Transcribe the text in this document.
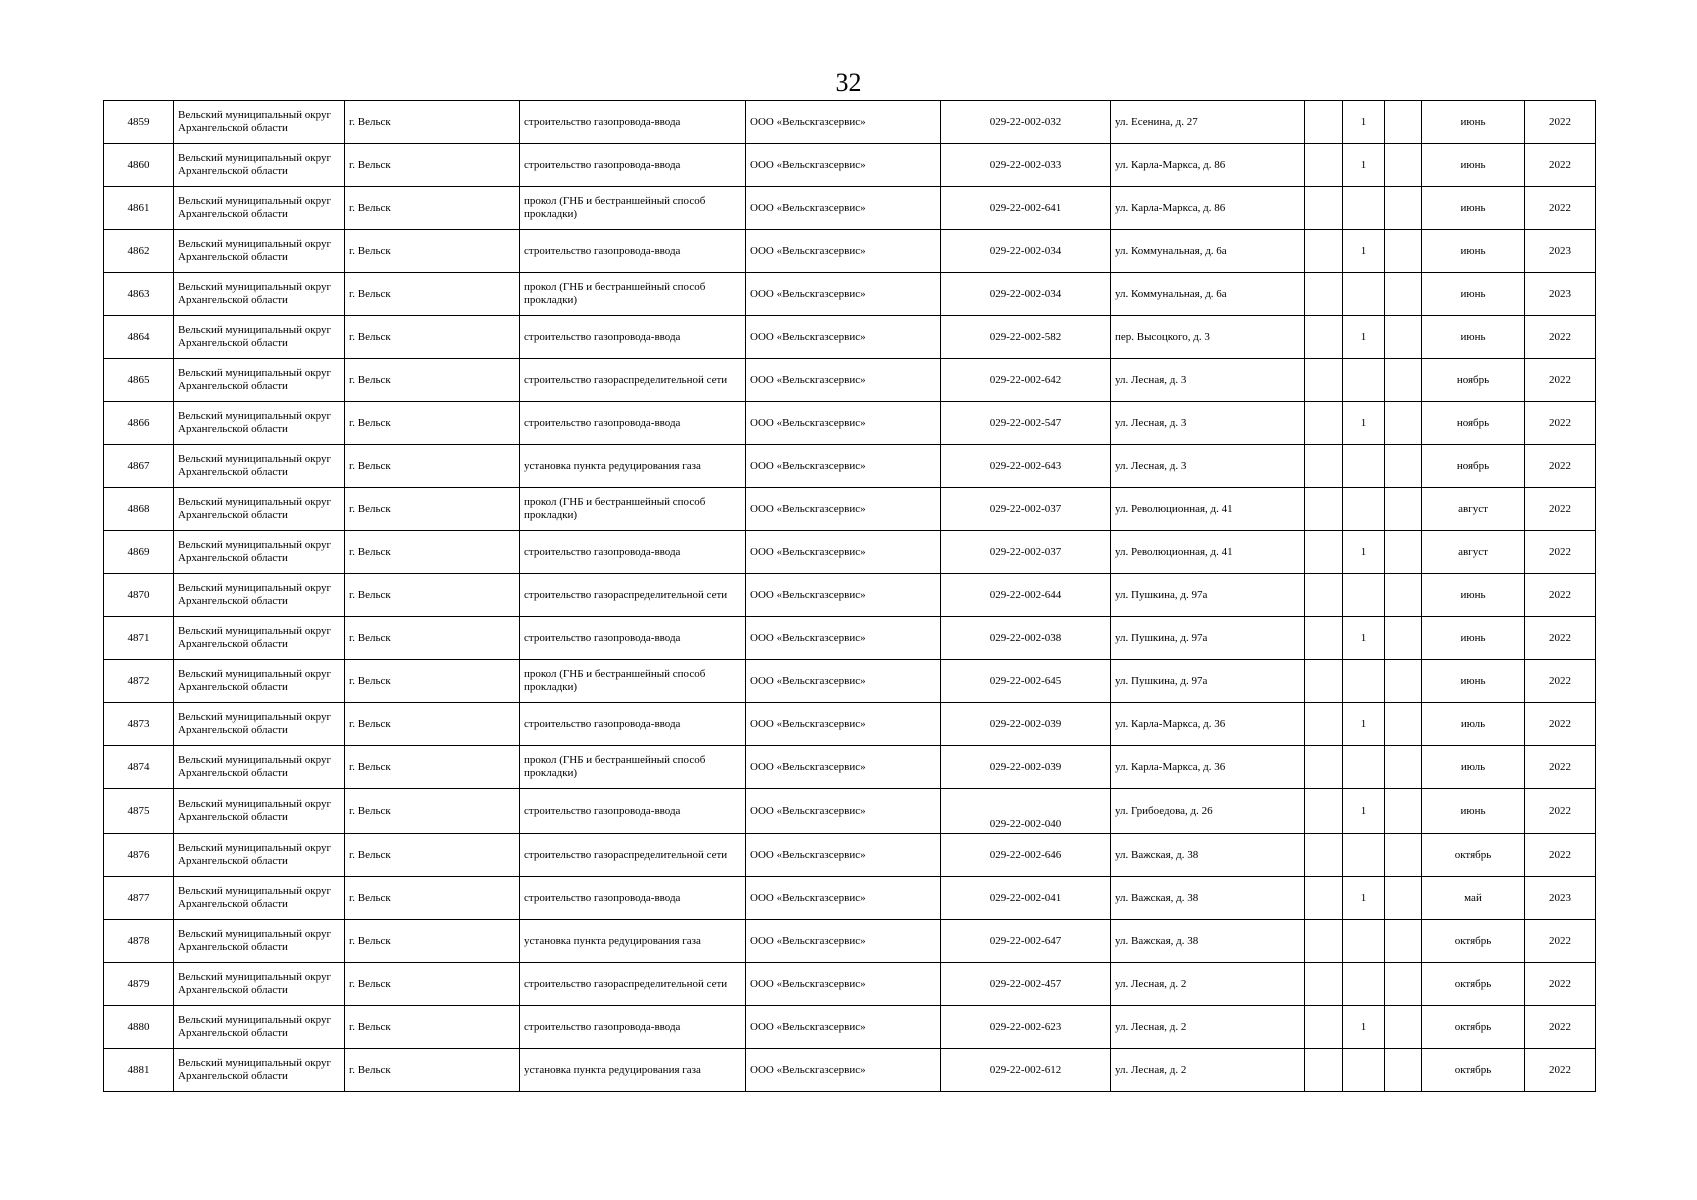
32
4859	Вельский муниципальный округ Архангельской области	г. Вельск	строительство газопровода-ввода	ООО «Вельскгазсервис»	029-22-002-032	ул. Есенина, д. 27		1		июнь	2022
4860	Вельский муниципальный округ Архангельской области	г. Вельск	строительство газопровода-ввода	ООО «Вельскгазсервис»	029-22-002-033	ул. Карла-Маркса, д. 86		1		июнь	2022
4861	Вельский муниципальный округ Архангельской области	г. Вельск	прокол (ГНБ и бестраншейный способ прокладки)	ООО «Вельскгазсервис»	029-22-002-641	ул. Карла-Маркса, д. 86				июнь	2022
4862	Вельский муниципальный округ Архангельской области	г. Вельск	строительство газопровода-ввода	ООО «Вельскгазсервис»	029-22-002-034	ул. Коммунальная, д. 6а		1		июнь	2023
4863	Вельский муниципальный округ Архангельской области	г. Вельск	прокол (ГНБ и бестраншейный способ прокладки)	ООО «Вельскгазсервис»	029-22-002-034	ул. Коммунальная, д. 6а				июнь	2023
4864	Вельский муниципальный округ Архангельской области	г. Вельск	строительство газопровода-ввода	ООО «Вельскгазсервис»	029-22-002-582	пер. Высоцкого, д. 3		1		июнь	2022
4865	Вельский муниципальный округ Архангельской области	г. Вельск	строительство газораспределительной сети	ООО «Вельскгазсервис»	029-22-002-642	ул. Лесная, д. 3				ноябрь	2022
4866	Вельский муниципальный округ Архангельской области	г. Вельск	строительство газопровода-ввода	ООО «Вельскгазсервис»	029-22-002-547	ул. Лесная, д. 3		1		ноябрь	2022
4867	Вельский муниципальный округ Архангельской области	г. Вельск	установка пункта редуцирования газа	ООО «Вельскгазсервис»	029-22-002-643	ул. Лесная, д. 3				ноябрь	2022
4868	Вельский муниципальный округ Архангельской области	г. Вельск	прокол (ГНБ и бестраншейный способ прокладки)	ООО «Вельскгазсервис»	029-22-002-037	ул. Революционная, д. 41				август	2022
4869	Вельский муниципальный округ Архангельской области	г. Вельск	строительство газопровода-ввода	ООО «Вельскгазсервис»	029-22-002-037	ул. Революционная, д. 41		1		август	2022
4870	Вельский муниципальный округ Архангельской области	г. Вельск	строительство газораспределительной сети	ООО «Вельскгазсервис»	029-22-002-644	ул. Пушкина, д. 97а				июнь	2022
4871	Вельский муниципальный округ Архангельской области	г. Вельск	строительство газопровода-ввода	ООО «Вельскгазсервис»	029-22-002-038	ул. Пушкина, д. 97а		1		июнь	2022
4872	Вельский муниципальный округ Архангельской области	г. Вельск	прокол (ГНБ и бестраншейный способ прокладки)	ООО «Вельскгазсервис»	029-22-002-645	ул. Пушкина, д. 97а				июнь	2022
4873	Вельский муниципальный округ Архангельской области	г. Вельск	строительство газопровода-ввода	ООО «Вельскгазсервис»	029-22-002-039	ул. Карла-Маркса, д. 36		1		июль	2022
4874	Вельский муниципальный округ Архангельской области	г. Вельск	прокол (ГНБ и бестраншейный способ прокладки)	ООО «Вельскгазсервис»	029-22-002-039	ул. Карла-Маркса, д. 36				июль	2022
4875	Вельский муниципальный округ Архангельской области	г. Вельск	строительство газопровода-ввода	ООО «Вельскгазсервис»	029-22-002-040	ул. Грибоедова, д. 26		1		июнь	2022
4876	Вельский муниципальный округ Архангельской области	г. Вельск	строительство газораспределительной сети	ООО «Вельскгазсервис»	029-22-002-646	ул. Важская, д. 38				октябрь	2022
4877	Вельский муниципальный округ Архангельской области	г. Вельск	строительство газопровода-ввода	ООО «Вельскгазсервис»	029-22-002-041	ул. Важская, д. 38		1		май	2023
4878	Вельский муниципальный округ Архангельской области	г. Вельск	установка пункта редуцирования газа	ООО «Вельскгазсервис»	029-22-002-647	ул. Важская, д. 38				октябрь	2022
4879	Вельский муниципальный округ Архангельской области	г. Вельск	строительство газораспределительной сети	ООО «Вельскгазсервис»	029-22-002-457	ул. Лесная, д. 2				октябрь	2022
4880	Вельский муниципальный округ Архангельской области	г. Вельск	строительство газопровода-ввода	ООО «Вельскгазсервис»	029-22-002-623	ул. Лесная, д. 2		1		октябрь	2022
4881	Вельский муниципальный округ Архангельской области	г. Вельск	установка пункта редуцирования газа	ООО «Вельскгазсервис»	029-22-002-612	ул. Лесная, д. 2				октябрь	2022
